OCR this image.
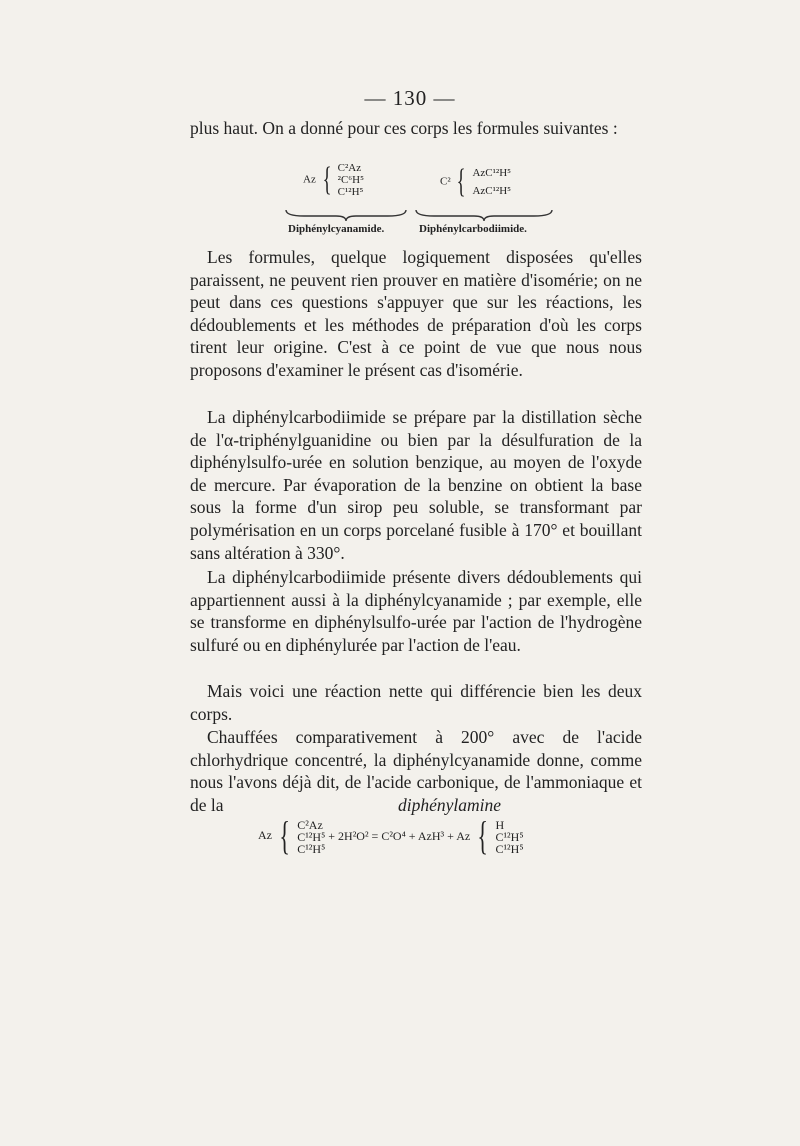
— 130 —

plus haut. On a donné pour ces corps les formules suivantes :

Az { C²Az
²C⁶H⁵
C¹²H⁵
C² { AzC¹²H⁵
AzC¹²H⁵
Diphénylcyanamide.	Diphénylcarbodiimide.

Les formules, quelque logiquement disposées qu'elles paraissent, ne peuvent rien prouver en matière d'isomérie; on ne peut dans ces questions s'appuyer que sur les réactions, les dédoublements et les méthodes de préparation d'où les corps tirent leur origine. C'est à ce point de vue que nous nous proposons d'examiner le présent cas d'isomérie.

La diphénylcarbodiimide se prépare par la distillation sèche de l'α-triphénylguanidine ou bien par la désulfuration de la diphénylsulfo-urée en solution benzique, au moyen de l'oxyde de mercure. Par évaporation de la benzine on obtient la base sous la forme d'un sirop peu soluble, se transformant par polymérisation en un corps porcelané fusible à 170° et bouillant sans altération à 330°.

La diphénylcarbodiimide présente divers dédoublements qui appartiennent aussi à la diphénylcyanamide ; par exemple, elle se transforme en diphénylsulfo-urée par l'action de l'hydrogène sulfuré ou en diphénylurée par l'action de l'eau.

Mais voici une réaction nette qui différencie bien les deux corps.

Chauffées comparativement à 200° avec de l'acide chlorhydrique concentré, la diphénylcyanamide donne, comme nous l'avons déjà dit, de l'acide carbonique, de l'ammoniaque et de la	diphénylamine
Az { C²Az
C¹²H⁵
C¹²H⁵
+ 2H²O² = C²O⁴ + AzH³ + Az { H
C¹²H⁵
C¹²H⁵
